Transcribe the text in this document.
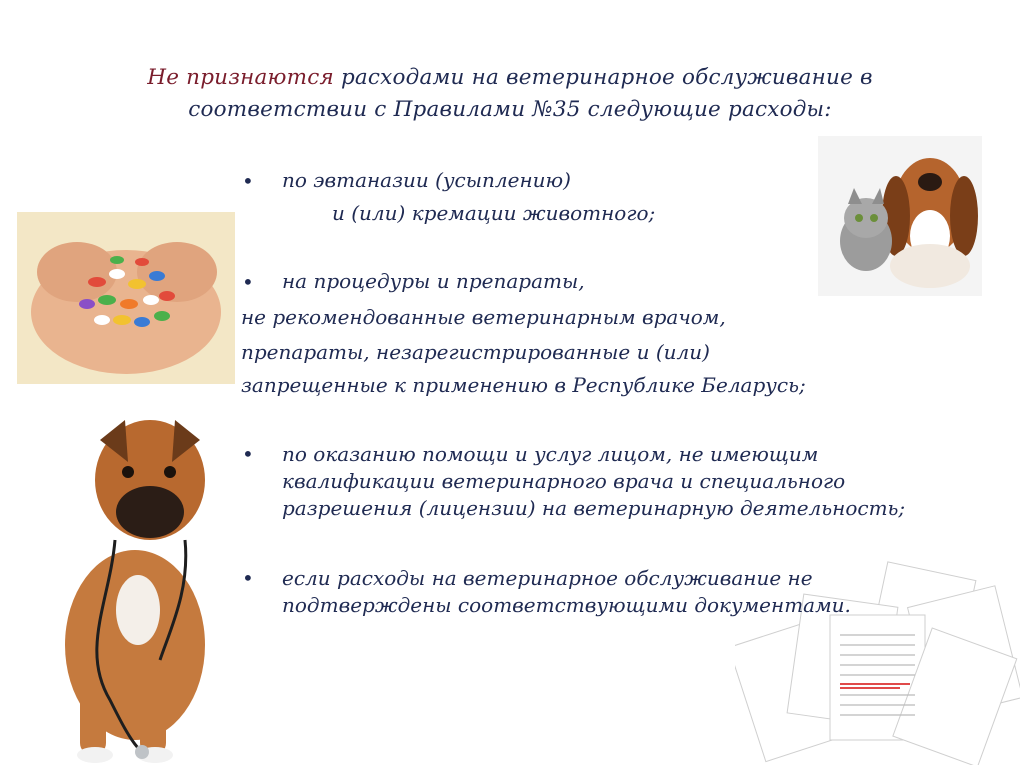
Не признаются расходами на ветеринарное обслуживание в соответствии с Правилами №35 следующие расходы:
• по эвтаназии (усыплению)
и (или) кремации животного;
• на процедуры и препараты,
не рекомендованные ветеринарным врачом,
препараты, незарегистрированные и (или)
запрещенные к применению в Республике Беларусь;
• по оказанию помощи и услуг лицом, не имеющим
квалификации ветеринарного врача и специального
разрешения (лицензии) на ветеринарную деятельность;
• если расходы на ветеринарное обслуживание не
подтверждены соответствующими документами.
